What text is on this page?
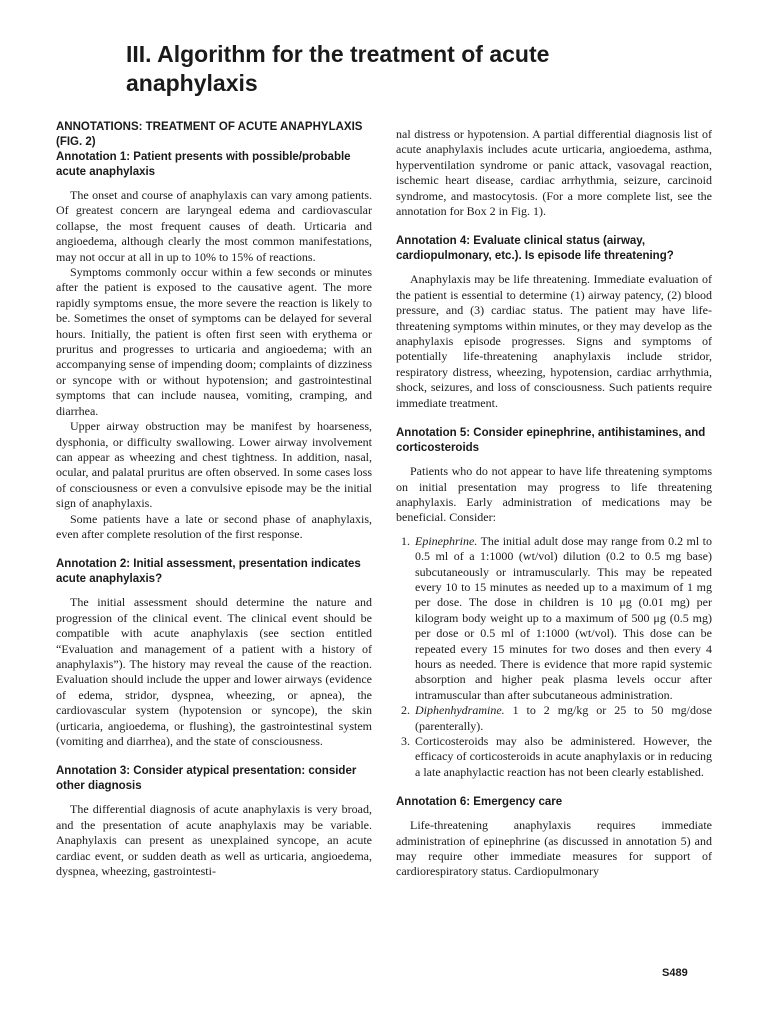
III. Algorithm for the treatment of acute anaphylaxis
ANNOTATIONS: TREATMENT OF ACUTE ANAPHYLAXIS (FIG. 2)
Annotation 1: Patient presents with possible/probable acute anaphylaxis

The onset and course of anaphylaxis can vary among patients. Of greatest concern are laryngeal edema and cardiovascular collapse, the most frequent causes of death. Urticaria and angioedema, although clearly the most common manifestations, may not occur at all in up to 10% to 15% of reactions.

Symptoms commonly occur within a few seconds or minutes after the patient is exposed to the causative agent. The more rapidly symptoms ensue, the more severe the reaction is likely to be. Sometimes the onset of symptoms can be delayed for several hours. Initially, the patient is often first seen with erythema or pruritus and progresses to urticaria and angioedema; with an accompanying sense of impending doom; complaints of dizziness or syncope with or without hypotension; and gastrointestinal symptoms that can include nausea, vomiting, cramping, and diarrhea.

Upper airway obstruction may be manifest by hoarseness, dysphonia, or difficulty swallowing. Lower airway involvement can appear as wheezing and chest tightness. In addition, nasal, ocular, and palatal pruritus are often observed. In some cases loss of consciousness or even a convulsive episode may be the initial sign of anaphylaxis.

Some patients have a late or second phase of anaphylaxis, even after complete resolution of the first response.

Annotation 2: Initial assessment, presentation indicates acute anaphylaxis?

The initial assessment should determine the nature and progression of the clinical event. The clinical event should be compatible with acute anaphylaxis (see section entitled “Evaluation and management of a patient with a history of anaphylaxis”). The history may reveal the cause of the reaction. Evaluation should include the upper and lower airways (evidence of edema, stridor, dyspnea, wheezing, or apnea), the cardiovascular system (hypotension or syncope), the skin (urticaria, angioedema, or flushing), the gastrointestinal system (vomiting and diarrhea), and the state of consciousness.

Annotation 3: Consider atypical presentation: consider other diagnosis

The differential diagnosis of acute anaphylaxis is very broad, and the presentation of acute anaphylaxis may be variable. Anaphylaxis can present as unexplained syncope, an acute cardiac event, or sudden death as well as urticaria, angioedema, dyspnea, wheezing, gastrointesti-

nal distress or hypotension. A partial differential diagnosis list of acute anaphylaxis includes acute urticaria, angioedema, asthma, hyperventilation syndrome or panic attack, vasovagal reaction, ischemic heart disease, cardiac arrhythmia, seizure, carcinoid syndrome, and mastocytosis. (For a more complete list, see the annotation for Box 2 in Fig. 1).

Annotation 4: Evaluate clinical status (airway, cardiopulmonary, etc.). Is episode life threatening?

Anaphylaxis may be life threatening. Immediate evaluation of the patient is essential to determine (1) airway patency, (2) blood pressure, and (3) cardiac status. The patient may have life-threatening symptoms within minutes, or they may develop as the anaphylaxis episode progresses. Signs and symptoms of potentially life-threatening anaphylaxis include stridor, respiratory distress, wheezing, hypotension, cardiac arrhythmia, shock, seizures, and loss of consciousness. Such patients require immediate treatment.

Annotation 5: Consider epinephrine, antihistamines, and corticosteroids

Patients who do not appear to have life threatening symptoms on initial presentation may progress to life threatening anaphylaxis. Early administration of medications may be beneficial. Consider:

1. Epinephrine. The initial adult dose may range from 0.2 ml to 0.5 ml of a 1:1000 (wt/vol) dilution (0.2 to 0.5 mg base) subcutaneously or intramuscularly. This may be repeated every 10 to 15 minutes as needed up to a maximum of 1 mg per dose. The dose in children is 10 μg (0.01 mg) per kilogram body weight up to a maximum of 500 μg (0.5 mg) per dose or 0.5 ml of 1:1000 (wt/vol). This dose can be repeated every 15 minutes for two doses and then every 4 hours as needed. There is evidence that more rapid systemic absorption and higher peak plasma levels occur after intramuscular than after subcutaneous administration.
2. Diphenhydramine. 1 to 2 mg/kg or 25 to 50 mg/dose (parenterally).
3. Corticosteroids may also be administered. However, the efficacy of corticosteroids in acute anaphylaxis or in reducing a late anaphylactic reaction has not been clearly established.
Annotation 6: Emergency care

Life-threatening anaphylaxis requires immediate administration of epinephrine (as discussed in annotation 5) and may require other immediate measures for support of cardiorespiratory status. Cardiopulmonary

S489
